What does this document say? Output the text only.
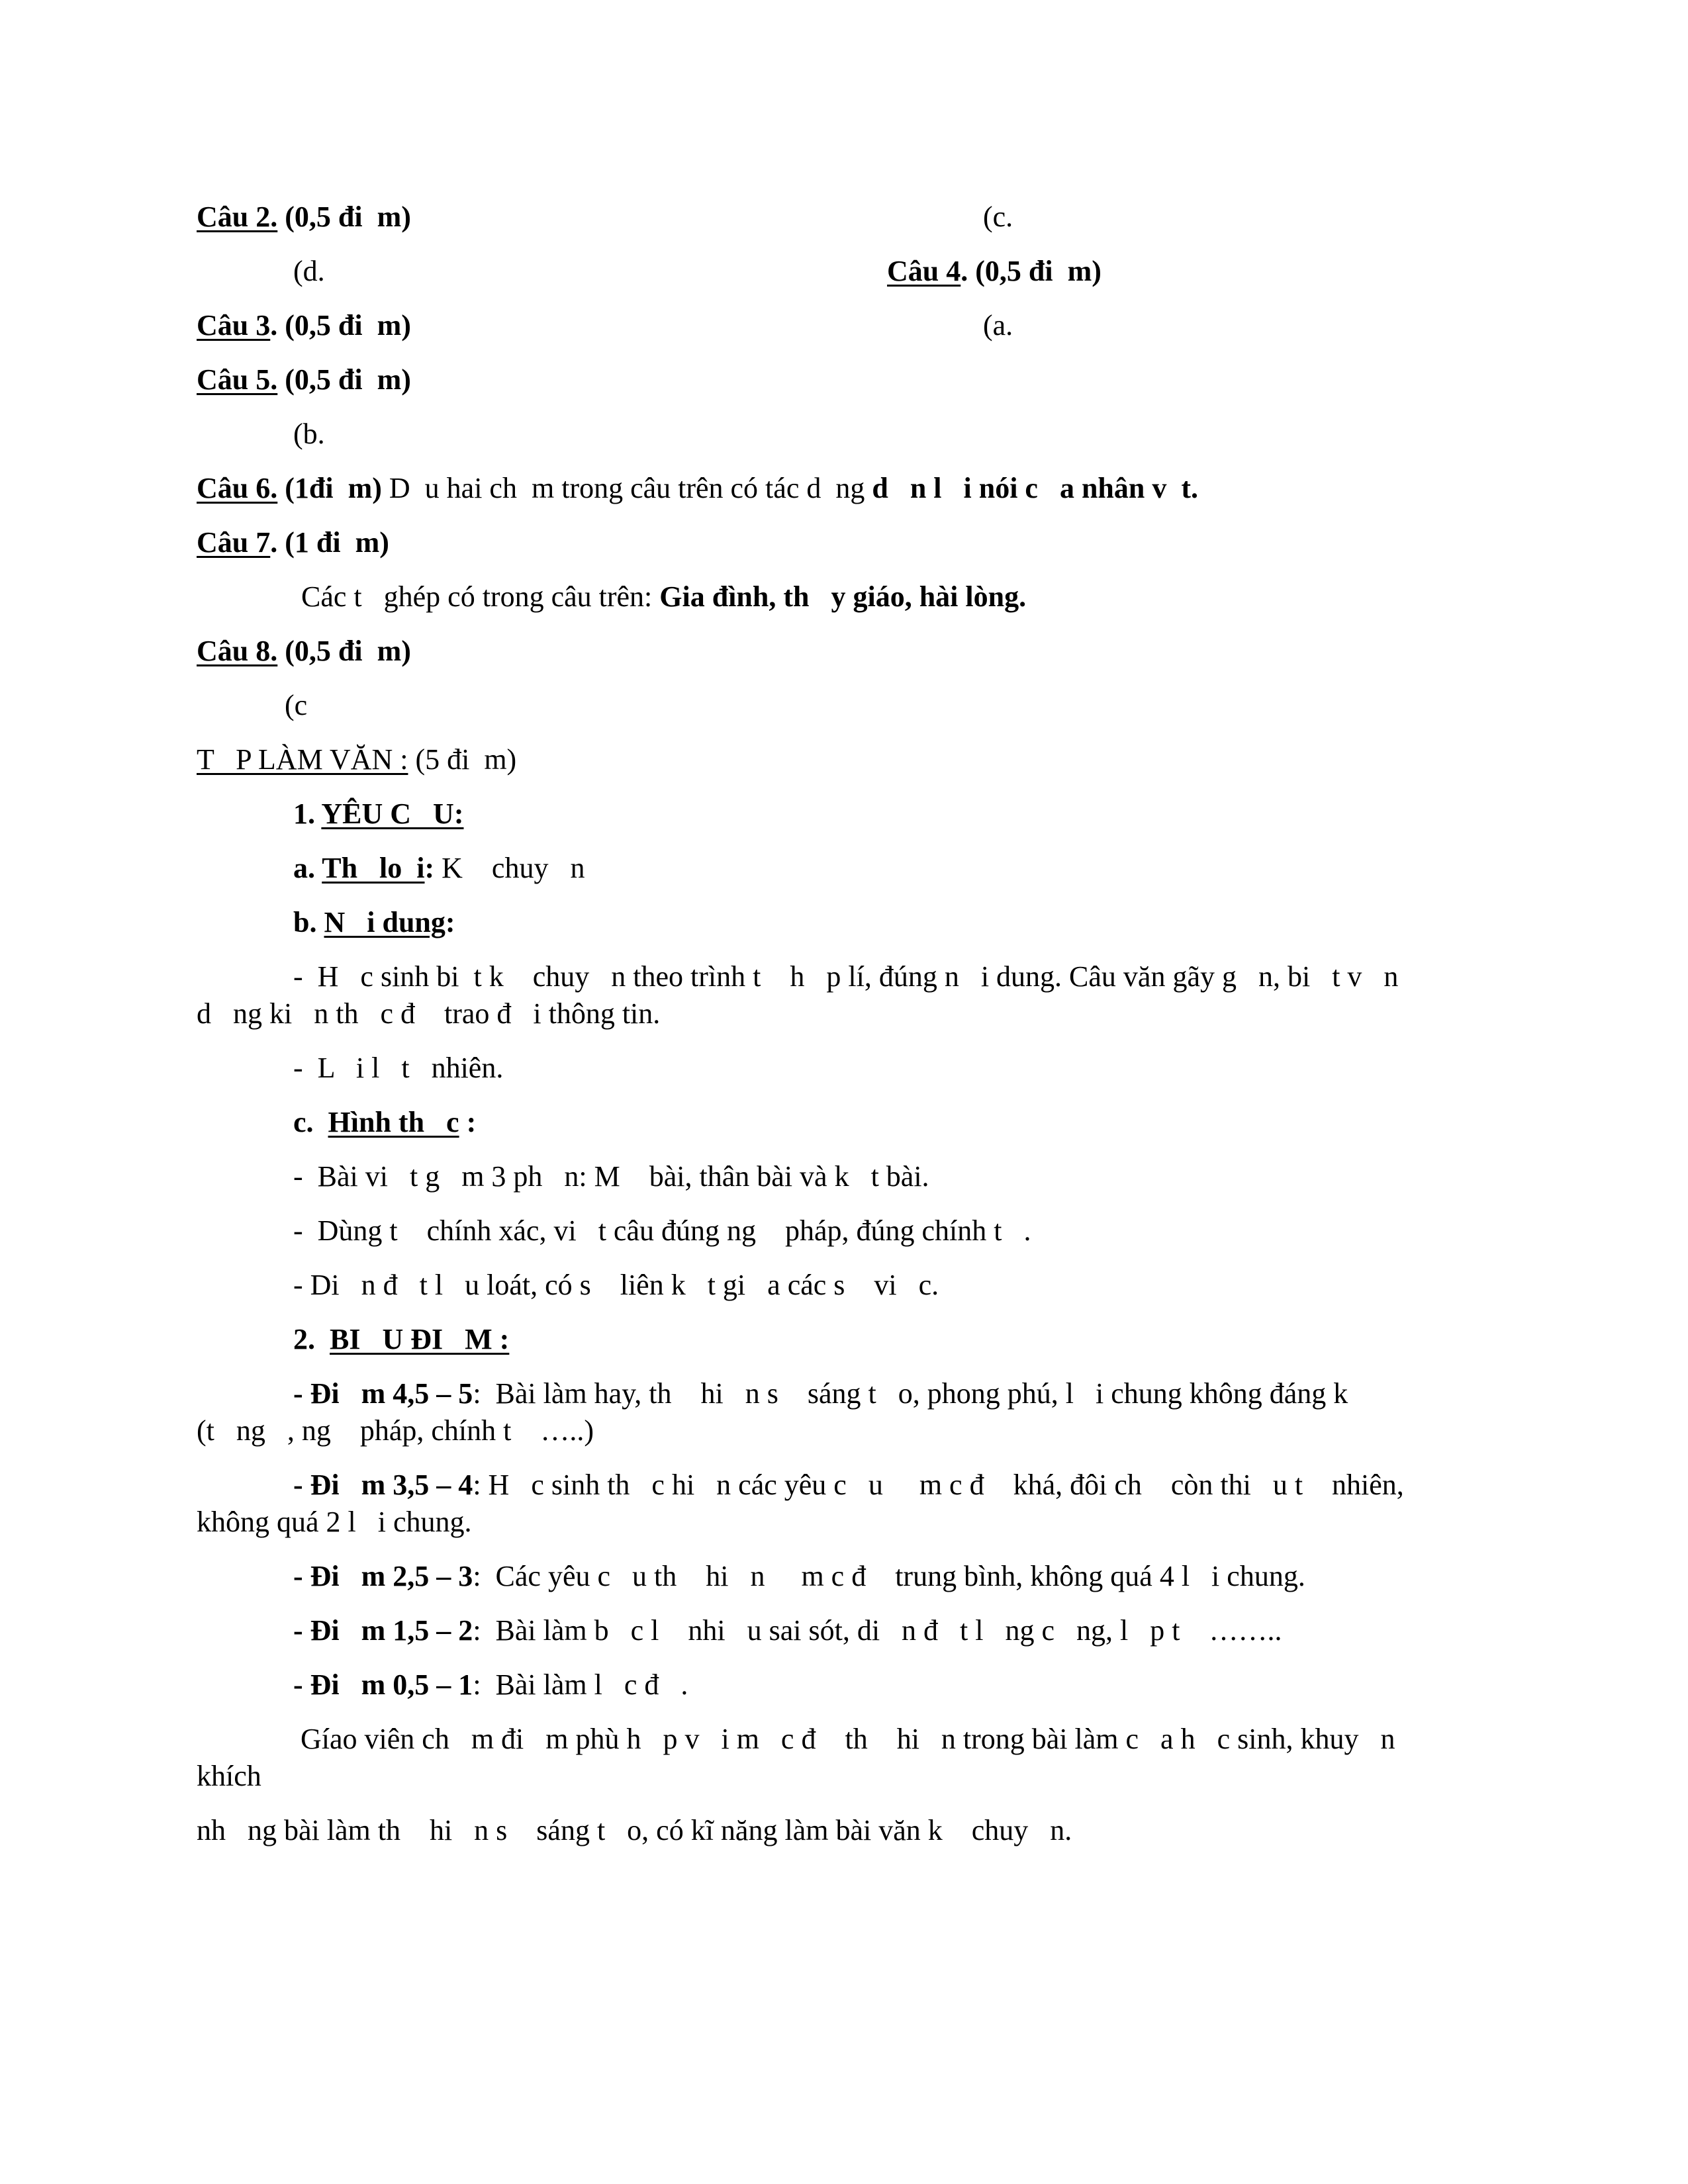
Câu 2. (0,5 đi  m)	(c.

(d.	Câu 4. (0,5 đi  m)

Câu 3. (0,5 đi  m)	(a.

Câu 5. (0,5 đi  m)

(b.

Câu 6. (1đi  m) D  u hai ch  m trong câu trên có tác d  ng d   n l   i nói c   a nhân v  t.

Câu 7. (1 đi  m)

Các t   ghép có trong câu trên: Gia đình, th   y giáo, hài lòng.

Câu 8. (0,5 đi  m)

(c

T   P LÀM VĂN : (5 đi  m)

1. YÊU C   U:

a. Th   lo  i: K    chuy   n

b. N   i dung:

-  H   c sinh bi  t k    chuy   n theo trình t    h   p lí, đúng n   i dung. Câu văn gãy g   n, bi   t v   n

d   ng ki   n th   c đ    trao đ   i thông tin.

-  L   i l   t   nhiên.

c.  Hình th   c :

-  Bài vi   t g   m 3 ph   n: M    bài, thân bài và k   t bài.

-  Dùng t    chính xác, vi   t câu đúng ng    pháp, đúng chính t   .

- Di   n đ   t l   u loát, có s    liên k   t gi   a các s    vi   c.

2.  BI   U ĐI   M :

- Đi   m 4,5 – 5:  Bài làm hay, th    hi   n s    sáng t   o, phong phú, l   i chung không đáng k

(t   ng   , ng    pháp, chính t    …..)

- Đi   m 3,5 – 4: H   c sinh th   c hi   n các yêu c   u     m c đ    khá, đôi ch    còn thi   u t    nhiên,

không quá 2 l   i chung.

- Đi   m 2,5 – 3:  Các yêu c   u th    hi   n     m c đ    trung bình, không quá 4 l   i chung.

- Đi   m 1,5 – 2:  Bài làm b   c l    nhi   u sai sót, di   n đ   t l   ng c   ng, l   p t    ……..

- Đi   m 0,5 – 1:  Bài làm l   c đ   .

Gíao viên ch   m đi   m phù h   p v   i m   c đ    th    hi   n trong bài làm c   a h   c sinh, khuy   n

khích

nh   ng bài làm th    hi   n s    sáng t   o, có kĩ năng làm bài văn k    chuy   n.
